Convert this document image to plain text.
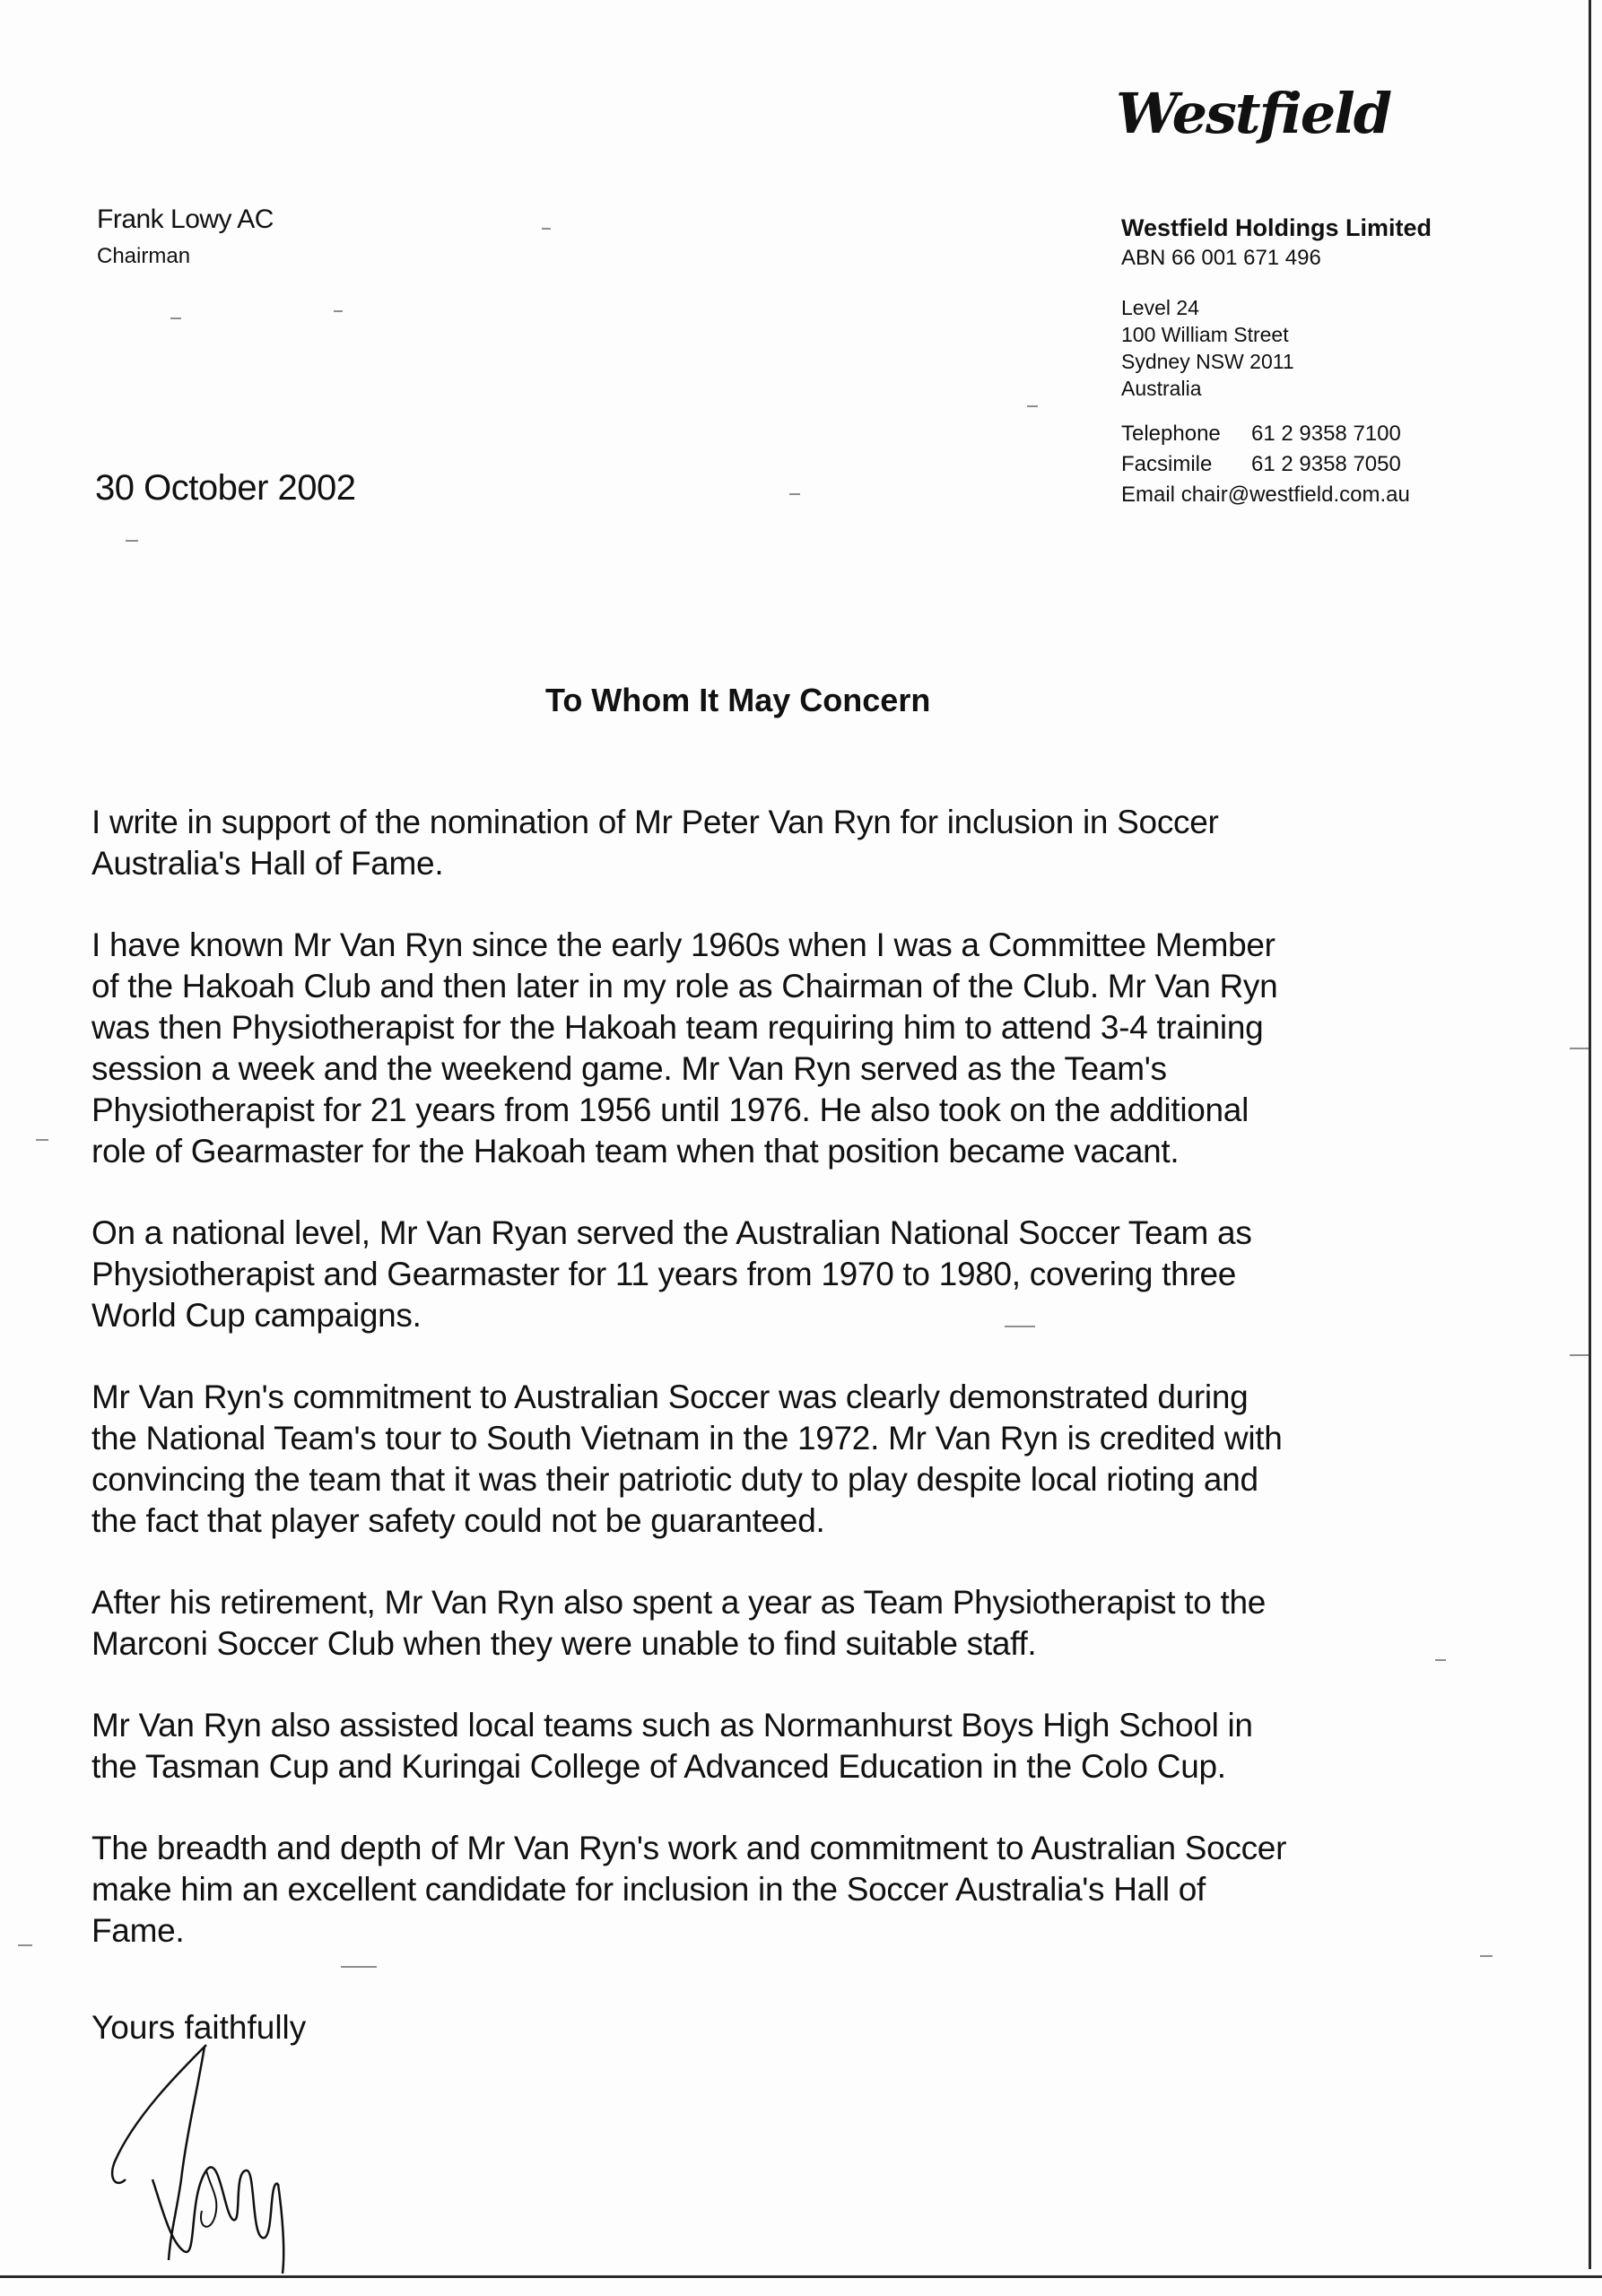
Frank Lowy AC
Chairman
30 October 2002
Westfield
Westfield Holdings Limited
ABN 66 001 671 496
Level 24
100 William Street
Sydney NSW 2011
Australia
Telephone 61 2 9358 7100
Facsimile 61 2 9358 7050
Email chair@westfield.com.au
To Whom It May Concern

I write in support of the nomination of Mr Peter Van Ryn for inclusion in Soccer
Australia's Hall of Fame.

I have known Mr Van Ryn since the early 1960s when I was a Committee Member
of the Hakoah Club and then later in my role as Chairman of the Club. Mr Van Ryn
was then Physiotherapist for the Hakoah team requiring him to attend 3-4 training
session a week and the weekend game. Mr Van Ryn served as the Team's
Physiotherapist for 21 years from 1956 until 1976. He also took on the additional
role of Gearmaster for the Hakoah team when that position became vacant.

On a national level, Mr Van Ryan served the Australian National Soccer Team as
Physiotherapist and Gearmaster for 11 years from 1970 to 1980, covering three
World Cup campaigns.

Mr Van Ryn's commitment to Australian Soccer was clearly demonstrated during
the National Team's tour to South Vietnam in the 1972. Mr Van Ryn is credited with
convincing the team that it was their patriotic duty to play despite local rioting and
the fact that player safety could not be guaranteed.

After his retirement, Mr Van Ryn also spent a year as Team Physiotherapist to the
Marconi Soccer Club when they were unable to find suitable staff.

Mr Van Ryn also assisted local teams such as Normanhurst Boys High School in
the Tasman Cup and Kuringai College of Advanced Education in the Colo Cup.

The breadth and depth of Mr Van Ryn's work and commitment to Australian Soccer
make him an excellent candidate for inclusion in the Soccer Australia's Hall of
Fame.

Yours faithfully
